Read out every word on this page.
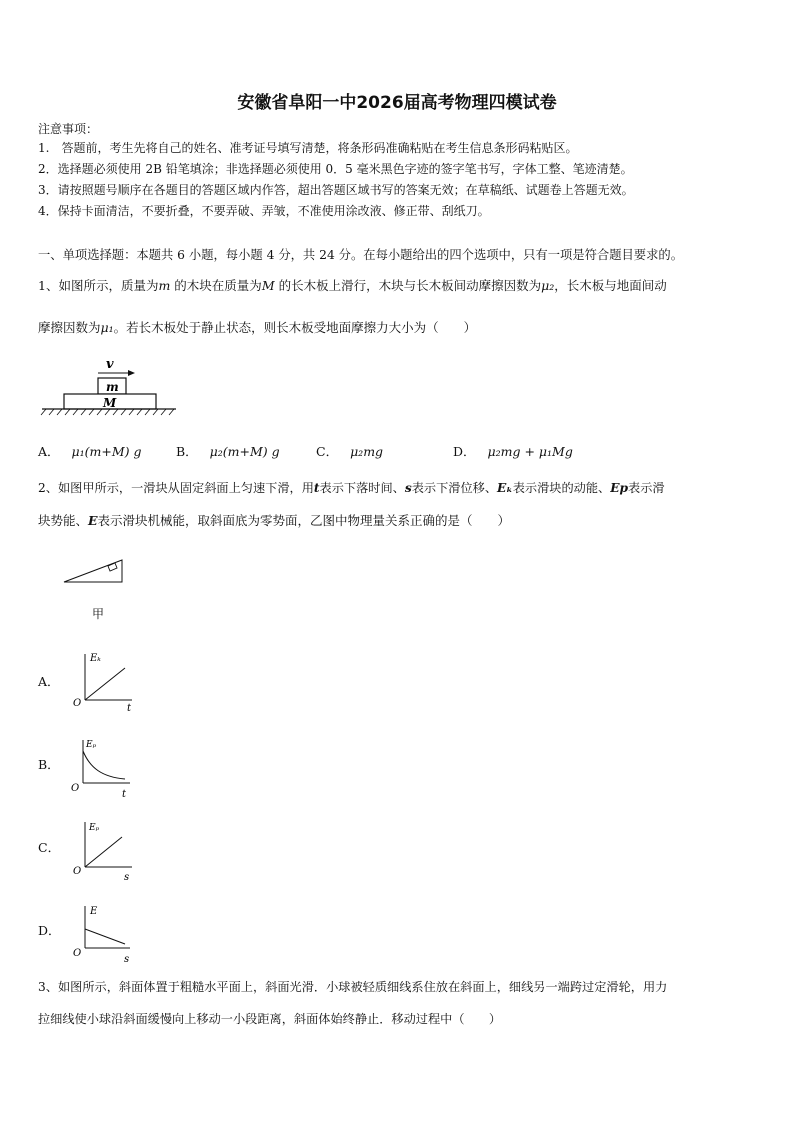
安徽省阜阳一中2026届高考物理四模试卷
注意事项：
1.　答题前，考生先将自己的姓名、准考证号填写清楚，将条形码准确粘贴在考生信息条形码粘贴区。
2．选择题必须使用 2B 铅笔填涂；非选择题必须使用 0．5 毫米黑色字迹的签字笔书写，字体工整、笔迹清楚。
3．请按照题号顺序在各题目的答题区域内作答，超出答题区域书写的答案无效；在草稿纸、试题卷上答题无效。
4．保持卡面清洁，不要折叠，不要弄破、弄皱，不准使用涂改液、修正带、刮纸刀。
一、单项选择题：本题共 6 小题，每小题 4 分，共 24 分。在每小题给出的四个选项中，只有一项是符合题目要求的。
1、如图所示，质量为m 的木块在质量为M 的长木板上滑行，木块与长木板间动摩擦因数为μ₂，长木板与地面间动
摩擦因数为μ₁。若长木板处于静止状态，则长木板受地面摩擦力大小为（　　）
v
m
M
A． μ₁(m+M) g	B． μ₂(m+M) g	C． μ₂mg	D． μ₂mg + μ₁Mg
2、如图甲所示，一滑块从固定斜面上匀速下滑，用t表示下落时间、s表示下滑位移、Eₖ表示滑块的动能、Ep表示滑
块势能、E表示滑块机械能，取斜面底为零势面，乙图中物理量关系正确的是（　　）
甲
A．
Eₖ
t
O
B．
Eₚ
t
O
C．
Eₚ
s
O
D．
E
s
O
3、如图所示，斜面体置于粗糙水平面上，斜面光滑．小球被轻质细线系住放在斜面上，细线另一端跨过定滑轮，用力
拉细线使小球沿斜面缓慢向上移动一小段距离，斜面体始终静止．移动过程中（　　）
